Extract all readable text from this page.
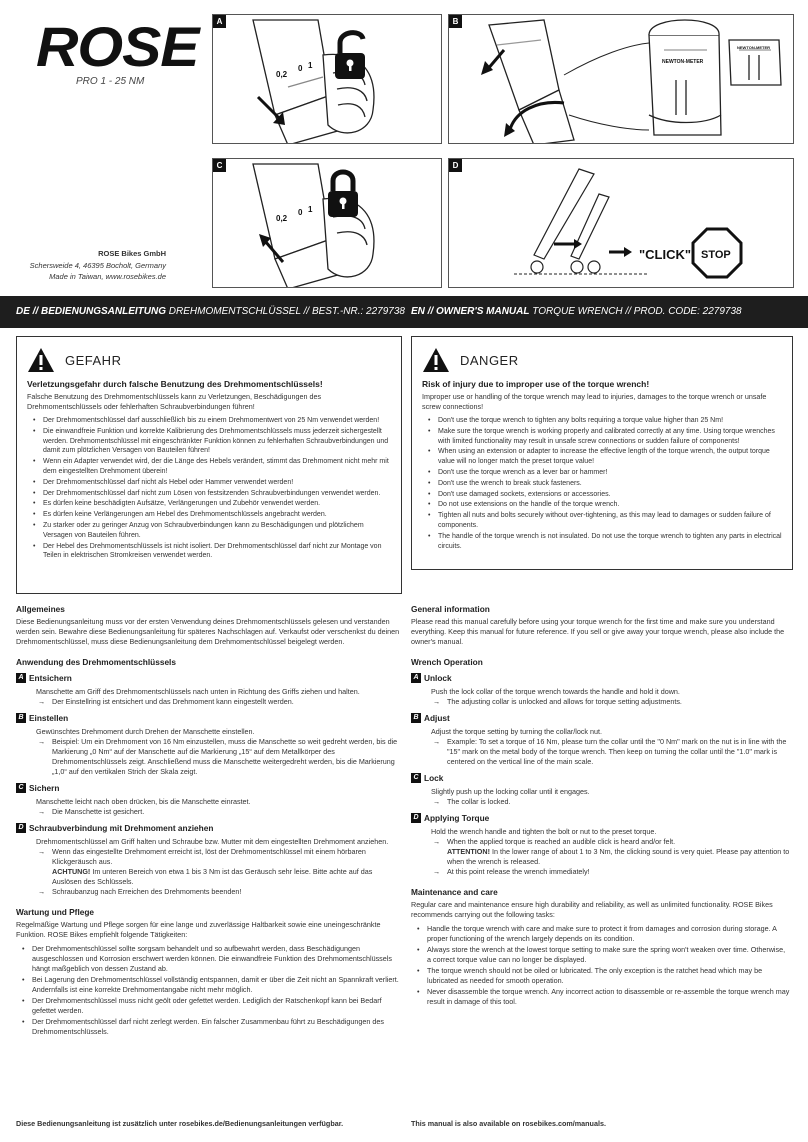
ROSE
PRO 1 - 25 NM
ROSE Bikes GmbH
Schersweide 4, 46395 Bocholt, Germany
Made in Taiwan, www.rosebikes.de
A
0,2
0 1
B
NEWTON-METER
NEWTON-METER
C
0,2
0 1
D
"CLICK" STOP
DE // BEDIENUNGSANLEITUNG DREHMOMENTSCHLÜSSEL // BEST.-NR.: 2279738 EN // OWNER'S MANUAL TORQUE WRENCH // PROD. CODE: 2279738
GEFAHR
Verletzungsgefahr durch falsche Benutzung des Drehmomentschlüssels!
Falsche Benutzung des Drehmomentschlüssels kann zu Verletzungen, Beschädigungen des Drehmomentschlüssels oder fehlerhaften Schraubverbindungen führen!
• Der Drehmomentschlüssel darf ausschließlich bis zu einem Drehmomentwert von 25 Nm verwendet werden!
• Die einwandfreie Funktion und korrekte Kalibrierung des Drehmomentschlüssels muss jederzeit sichergestellt werden. Drehmomentschlüssel mit eingeschränkter Funktion können zu fehlerhaften Schraubverbindungen und damit zum plötzlichen Versagen von Bauteilen führen!
• Wenn ein Adapter verwendet wird, der die Länge des Hebels verändert, stimmt das Drehmoment nicht mehr mit dem eingestellten Drehmoment überein!
• Der Drehmomentschlüssel darf nicht als Hebel oder Hammer verwendet werden!
• Der Drehmomentschlüssel darf nicht zum Lösen von festsitzenden Schraubverbindungen verwendet werden.
• Es dürfen keine beschädigten Aufsätze, Verlängerungen und Zubehör verwendet werden.
• Es dürfen keine Verlängerungen am Hebel des Drehmomentschlüssels angebracht werden.
• Zu starker oder zu geringer Anzug von Schraubverbindungen kann zu Beschädigungen und plötzlichem Versagen von Bauteilen führen.
• Der Hebel des Drehmomentschlüssels ist nicht isoliert. Der Drehmomentschlüssel darf nicht zur Montage von Teilen in elektrischen Stromkreisen verwendet werden.
DANGER
Risk of injury due to improper use of the torque wrench!
Improper use or handling of the torque wrench may lead to injuries, damages to the torque wrench or unsafe screw connections!
• Don't use the torque wrench to tighten any bolts requiring a torque value higher than 25 Nm!
• Make sure the torque wrench is working properly and calibrated correctly at any time. Using torque wrenches with limited functionality may result in unsafe screw connections or sudden failure of components!
• When using an extension or adapter to increase the effective length of the torque wrench, the output torque value will no longer match the preset torque value!
• Don't use the torque wrench as a lever bar or hammer!
• Don't use the wrench to break stuck fasteners.
• Don't use damaged sockets, extensions or accessories.
• Do not use extensions on the handle of the torque wrench.
• Tighten all nuts and bolts securely without over-tightening, as this may lead to damages or sudden failure of components.
• The handle of the torque wrench is not insulated. Do not use the torque wrench to tighten any parts in electrical circuits.
Allgemeines
Diese Bedienungsanleitung muss vor der ersten Verwendung deines Drehmomentschlüssels gelesen und verstanden werden sein. Bewahre diese Bedienungsanleitung für späteres Nachschlagen auf. Verkaufst oder verschenkst du deinen Drehmomentschlüssel, muss diese Bedienungsanleitung dem Drehmomentschlüssel beigelegt werden.
Anwendung des Drehmomentschlüssels
A Entsichern
Manschette am Griff des Drehmomentschlüssels nach unten in Richtung des Griffs ziehen und halten.
→ Der Einstellring ist entsichert und das Drehmoment kann eingestellt werden.
B Einstellen
Gewünschtes Drehmoment durch Drehen der Manschette einstellen.
→ Beispiel: Um ein Drehmoment von 16 Nm einzustellen, muss die Manschette so weit gedreht werden, bis die Markierung „0 Nm“ auf der Manschette auf die Markierung „15“ auf dem Metallkörper des Drehmomentschlüssels zeigt. Anschließend muss die Manschette weitergedreht werden, bis die Markierung „1,0“ auf den vertikalen Strich der Skala zeigt.
C Sichern
Manschette leicht nach oben drücken, bis die Manschette einrastet.
→ Die Manschette ist gesichert.
D Schraubverbindung mit Drehmoment anziehen
Drehmomentschlüssel am Griff halten und Schraube bzw. Mutter mit dem eingestellten Drehmoment anziehen.
→ Wenn das eingestellte Drehmoment erreicht ist, löst der Drehmomentschlüssel mit einem hörbaren Klickgeräusch aus.
ACHTUNG! Im unteren Bereich von etwa 1 bis 3 Nm ist das Geräusch sehr leise. Bitte achte auf das Auslösen des Schlüssels.
→ Schraubanzug nach Erreichen des Drehmoments beenden!
Wartung und Pflege
Regelmäßige Wartung und Pflege sorgen für eine lange und zuverlässige Haltbarkeit sowie eine uneingeschränkte Funktion. ROSE Bikes empfiehlt folgende Tätigkeiten:
• Der Drehmomentschlüssel sollte sorgsam behandelt und so aufbewahrt werden, dass Beschädigungen ausgeschlossen und Korrosion erschwert werden können. Die einwandfreie Funktion des Drehmomentschlüssels hängt maßgeblich von dessen Zustand ab.
• Bei Lagerung den Drehmomentschlüssel vollständig entspannen, damit er über die Zeit nicht an Spannkraft verliert. Andernfalls ist eine korrekte Drehmomentangabe nicht mehr möglich.
• Der Drehmomentschlüssel muss nicht geölt oder gefettet werden. Lediglich der Ratschenkopf kann bei Bedarf gefettet werden.
• Der Drehmomentschlüssel darf nicht zerlegt werden. Ein falscher Zusammenbau führt zu Beschädigungen des Drehmomentschlüssels.
General information
Please read this manual carefully before using your torque wrench for the first time and make sure you understand everything. Keep this manual for future reference. If you sell or give away your torque wrench, please also include the owner's manual.
Wrench Operation
A Unlock
Push the lock collar of the torque wrench towards the handle and hold it down.
→ The adjusting collar is unlocked and allows for torque setting adjustments.
B Adjust
Adjust the torque setting by turning the collar/lock nut.
→ Example: To set a torque of 16 Nm, please turn the collar until the "0 Nm" mark on the nut is in line with the "15" mark on the metal body of the torque wrench. Then keep on turning the collar until the "1.0" mark is centered on the vertical line of the main scale.
C Lock
Slightly push up the locking collar until it engages.
→ The collar is locked.
D Applying Torque
Hold the wrench handle and tighten the bolt or nut to the preset torque.
→ When the applied torque is reached an audible click is heard and/or felt.
ATTENTION! In the lower range of about 1 to 3 Nm, the clicking sound is very quiet. Please pay attention to when the wrench is released.
→ At this point release the wrench immediately!
Maintenance and care
Regular care and maintenance ensure high durability and reliability, as well as unlimited functionality. ROSE Bikes recommends carrying out the following tasks:
• Handle the torque wrench with care and make sure to protect it from damages and corrosion during storage. A proper functioning of the wrench largely depends on its condition.
• Always store the wrench at the lowest torque setting to make sure the spring won't weaken over time. Otherwise, a correct torque value can no longer be displayed.
• The torque wrench should not be oiled or lubricated. The only exception is the ratchet head which may be lubricated as needed for smooth operation.
• Never disassemble the torque wrench. Any incorrect action to disassemble or re-assemble the torque wrench may result in damage of this tool.
Diese Bedienungsanleitung ist zusätzlich unter rosebikes.de/Bedienungsanleitungen verfügbar.	This manual is also available on rosebikes.com/manuals.
